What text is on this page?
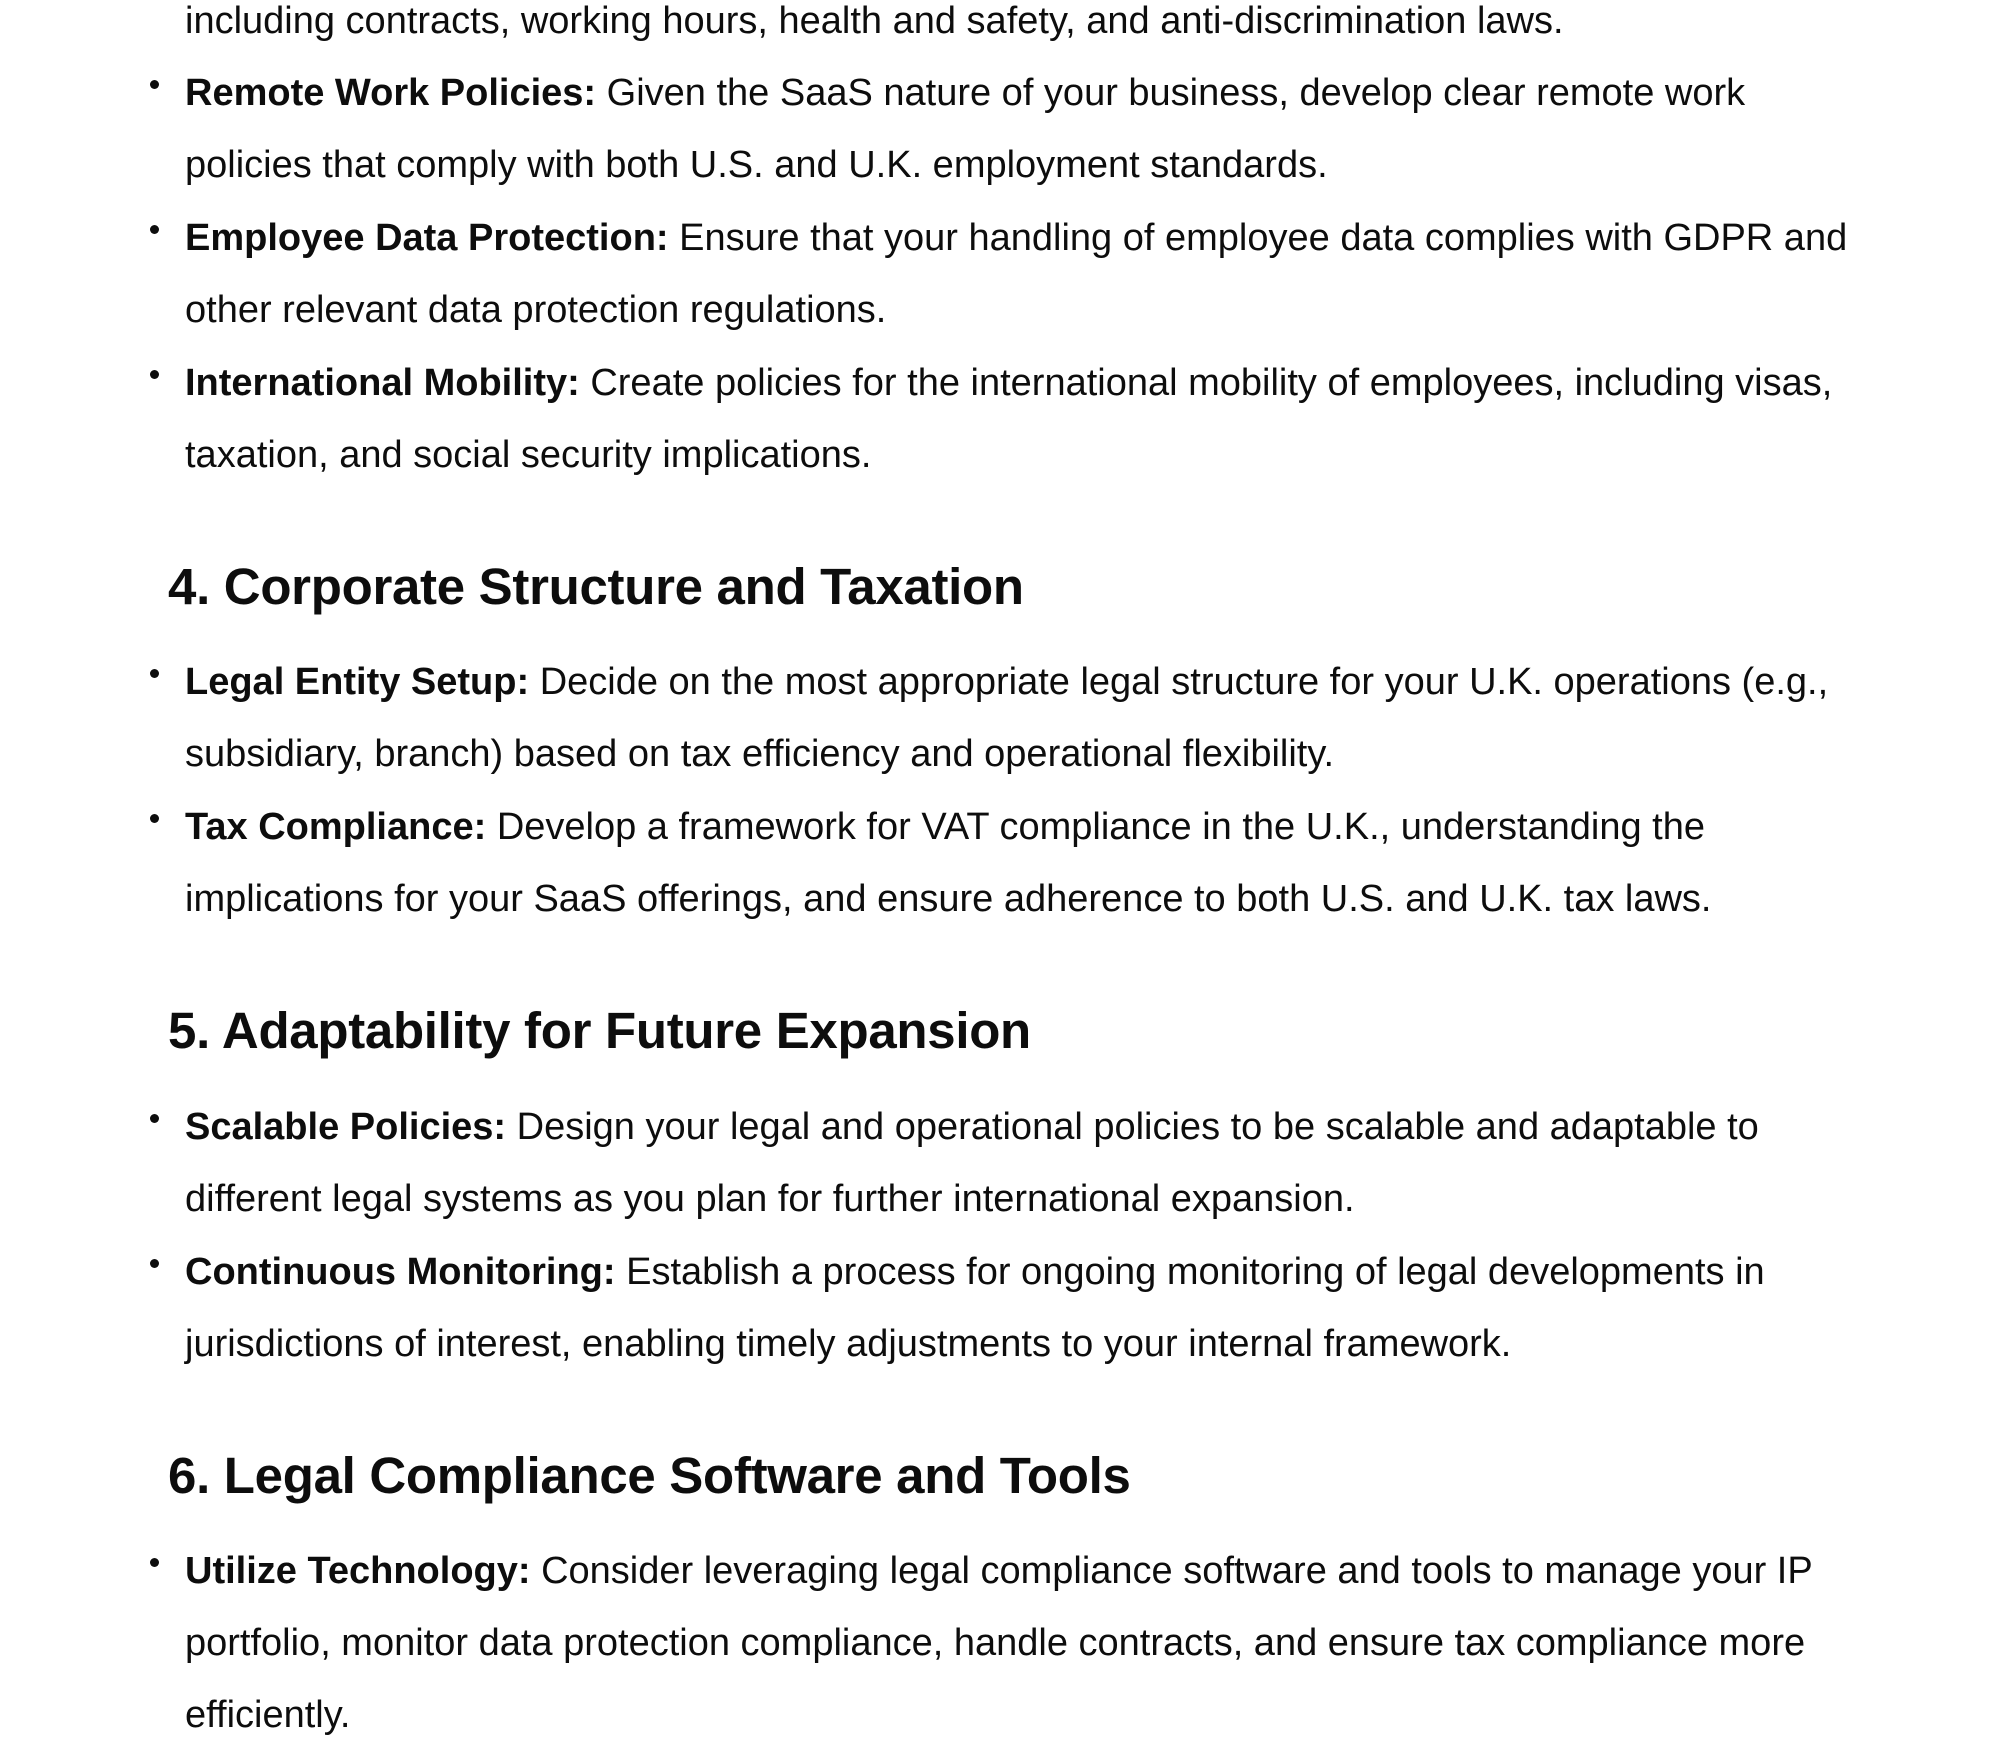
including contracts, working hours, health and safety, and anti-discrimination laws.
Remote Work Policies: Given the SaaS nature of your business, develop clear remote work
policies that comply with both U.S. and U.K. employment standards.
Employee Data Protection: Ensure that your handling of employee data complies with GDPR and
other relevant data protection regulations.
International Mobility: Create policies for the international mobility of employees, including visas,
taxation, and social security implications.
4. Corporate Structure and Taxation
Legal Entity Setup: Decide on the most appropriate legal structure for your U.K. operations (e.g.,
subsidiary, branch) based on tax efficiency and operational flexibility.
Tax Compliance: Develop a framework for VAT compliance in the U.K., understanding the
implications for your SaaS offerings, and ensure adherence to both U.S. and U.K. tax laws.
5. Adaptability for Future Expansion
Scalable Policies: Design your legal and operational policies to be scalable and adaptable to
different legal systems as you plan for further international expansion.
Continuous Monitoring: Establish a process for ongoing monitoring of legal developments in
jurisdictions of interest, enabling timely adjustments to your internal framework.
6. Legal Compliance Software and Tools
Utilize Technology: Consider leveraging legal compliance software and tools to manage your IP
portfolio, monitor data protection compliance, handle contracts, and ensure tax compliance more
efficiently.
